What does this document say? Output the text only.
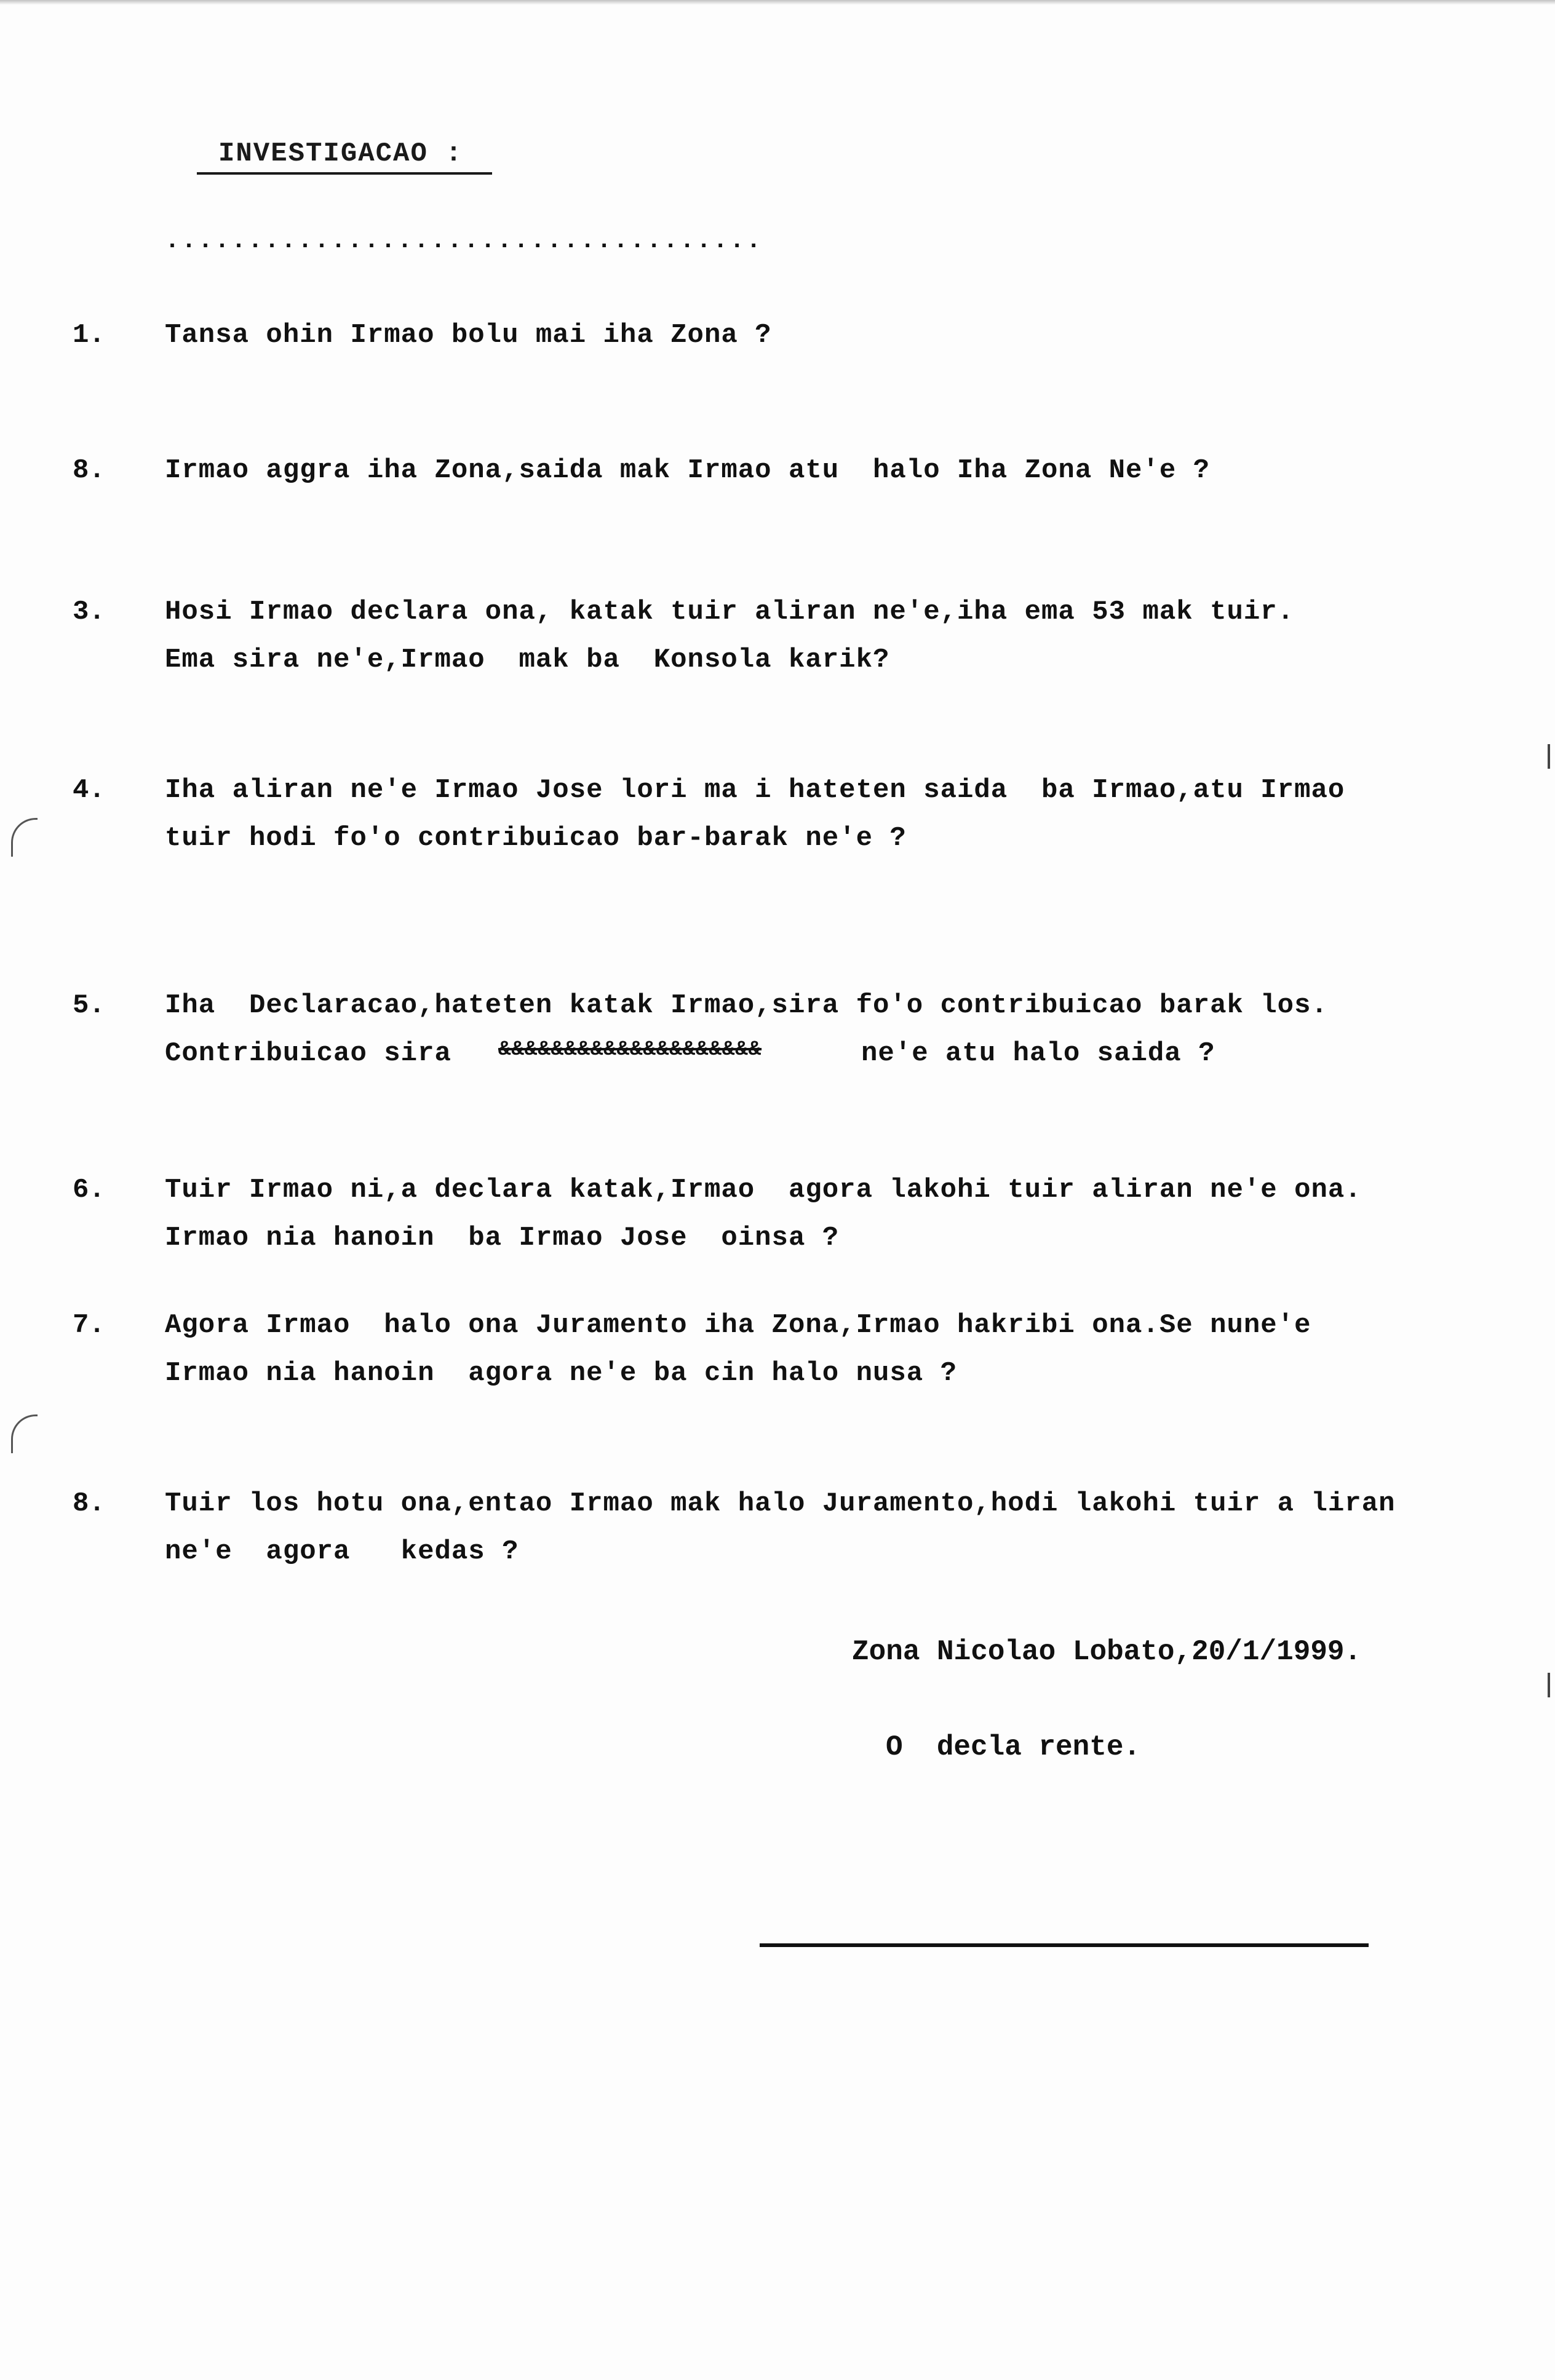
INVESTIGACAO :
....................................
1. Tansa ohin Irmao bolu mai iha Zona ?
8. Irmao aggra iha Zona,saida mak Irmao atu  halo Iha Zona Ne'e ?
3. Hosi Irmao declara ona, katak tuir aliran ne'e,iha ema 53 mak tuir.
Ema sira ne'e,Irmao  mak ba  Konsola karik?
4. Iha aliran ne'e Irmao Jose lori ma i hateten saida  ba Irmao,atu Irmao
tuir hodi fo'o contribuicao bar-barak ne'e ?
5. Iha  Declaracao,hateten katak Irmao,sira fo'o contribuicao barak los.
Contribuicao sira &&&&&&&&&&&&&&&&&&&&	ne'e atu halo saida ?
6. Tuir Irmao ni,a declara katak,Irmao  agora lakohi tuir aliran ne'e ona.
Irmao nia hanoin  ba Irmao Jose  oinsa ?
7. Agora Irmao  halo ona Juramento iha Zona,Irmao hakribi ona.Se nune'e
Irmao nia hanoin  agora ne'e ba cin halo nusa ?
8. Tuir los hotu ona,entao Irmao mak halo Juramento,hodi lakohi tuir a liran
ne'e  agora   kedas ?
Zona Nicolao Lobato,20/1/1999.
O  decla rente.
